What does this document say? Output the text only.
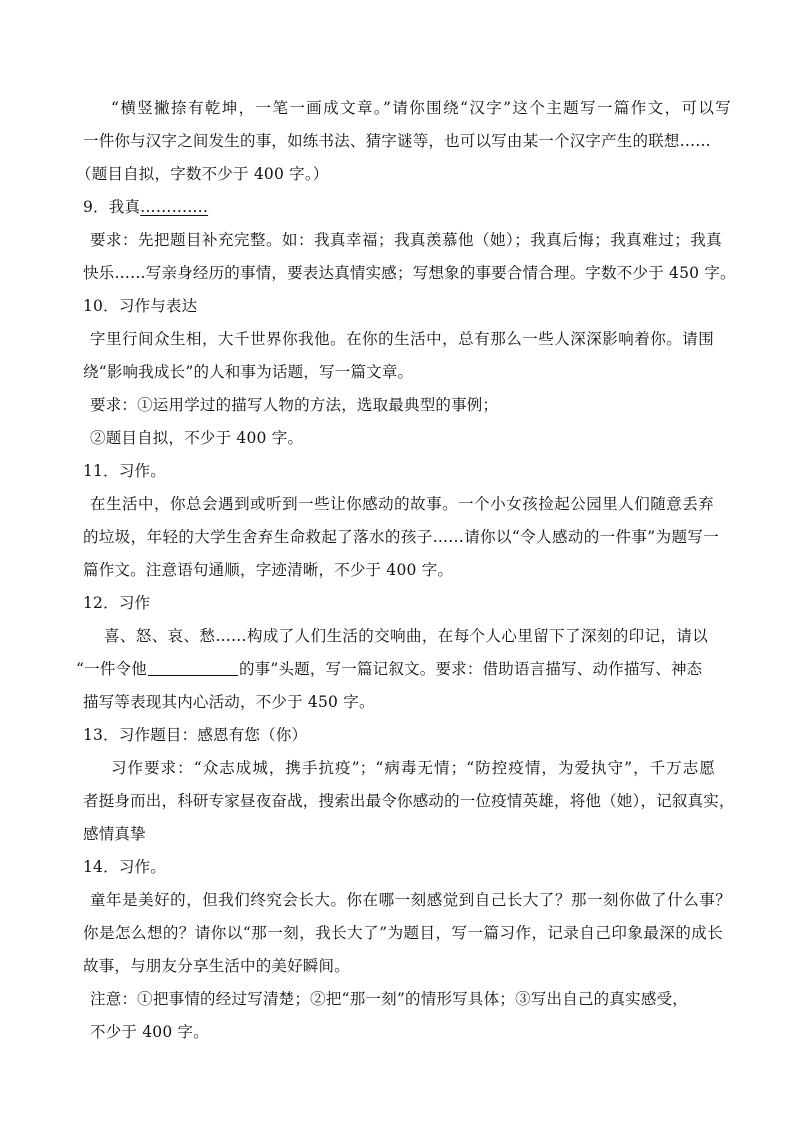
“横竖撇捺有乾坤，一笔一画成文章。”请你围绕“汉字”这个主题写一篇作文，可以写
一件你与汉字之间发生的事，如练书法、猜字谜等，也可以写由某一个汉字产生的联想……
（题目自拟，字数不少于 400 字。）
9．我真………….
要求：先把题目补充完整。如：我真幸福；我真羡慕他（她）；我真后悔；我真难过；我真
快乐……写亲身经历的事情，要表达真情实感；写想象的事要合情合理。字数不少于 450 字。
10．习作与表达
字里行间众生相，大千世界你我他。在你的生活中，总有那么一些人深深影响着你。请围
绕“影响我成长”的人和事为话题，写一篇文章。
要求：①运用学过的描写人物的方法，选取最典型的事例；
②题目自拟，不少于 400 字。
11．习作。
在生活中，你总会遇到或听到一些让你感动的故事。一个小女孩捡起公园里人们随意丢弃
的垃圾，年轻的大学生舍弃生命救起了落水的孩子……请你以“令人感动的一件事”为题写一
篇作文。注意语句通顺，字迹清晰，不少于 400 字。
12．习作
喜、怒、哀、愁……构成了人们生活的交响曲，在每个人心里留下了深刻的印记，请以
“一件令他	的事”头题，写一篇记叙文。要求：借助语言描写、动作描写、神态
描写等表现其内心活动，不少于 450 字。
13．习作题目：感恩有您（你）
习作要求：“众志成城，携手抗疫”；“病毒无情；“防控疫情，为爱执守”，千万志愿
者挺身而出，科研专家昼夜奋战，搜索出最令你感动的一位疫情英雄，将他（她），记叙真实，
感情真挚
14．习作。
童年是美好的，但我们终究会长大。你在哪一刻感觉到自己长大了？那一刻你做了什么事？
你是怎么想的？请你以“那一刻，我长大了”为题目，写一篇习作，记录自己印象最深的成长
故事，与朋友分享生活中的美好瞬间。
注意：①把事情的经过写清楚；②把“那一刻”的情形写具体；③写出自己的真实感受，
不少于 400 字。
